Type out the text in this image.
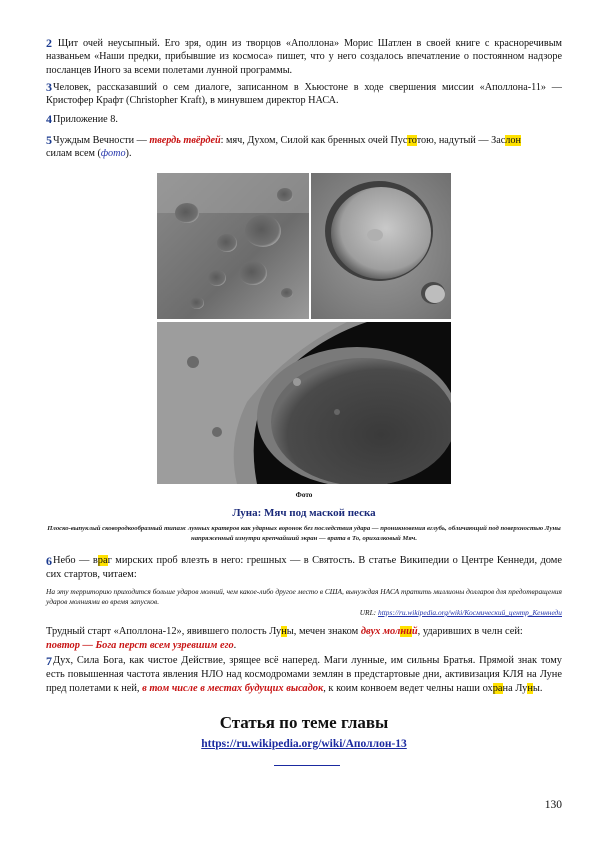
2 Щит очей неусыпный. Его зря, один из творцов «Аполлона» Морис Шатлен в своей книге с красноречивым названьем «Наши предки, прибывшие из космоса» пишет, что у него создалось впечатление о постоянном надзоре посланцев Иного за всеми полетами лунной программы.

3Человек, рассказавший о сем диалоге, записанном в Хьюстоне в ходе свершения миссии «Аполлона-11» — Кристофер Крафт (Christopher Kraft), в минувшем директор НАСА.

4Приложение 8.

5Чуждым Вечности — твердь твёрдей: мяч, Духом, Силой как бренных очей Пустотою, надутый — Заслон
силам всем (фото).

Фото
Луна: Мяч под маской песка
Плоско-выпуклый сковородкообразный типаж лунных кратеров как ударных воронок без последствия удара — проникновения вглубь, обличающий под поверхностью Луны напряженный изнутри крепчайший экран — врата в То, орихалковый Мяч.

6Небо — враг мирских проб влезть в него: грешных — в Святость. В статье Википедии о Центре Кеннеди, доме сих стартов, читаем:

На эту территорию приходится больше ударов молний, чем какое-либо другое место в США, вынуждая НАСА тратить миллионы долларов для предотвращения ударов молниями во время запусков.
URL: https://ru.wikipedia.org/wiki/Космический_центр_Кенннеди

Трудный старт «Аполлона-12», явившего полость Луны, мечен знаком двух молний, ударивших в челн сей:
повтор — Бога перст всем узревшим его.

7Дух, Сила Бога, как чистое Действие, зрящее всё наперед. Маги лунные, им сильны Братья. Прямой знак тому есть повышенная частота явления НЛО над космодромами землян в предстартовые дни, активизация КЛЯ на Луне пред полетами к ней, в том числе в местах будущих высадок, к коим конвоем ведет челны наши охрана Луны.

Статья по теме главы
https://ru.wikipedia.org/wiki/Аполлон-13
130
